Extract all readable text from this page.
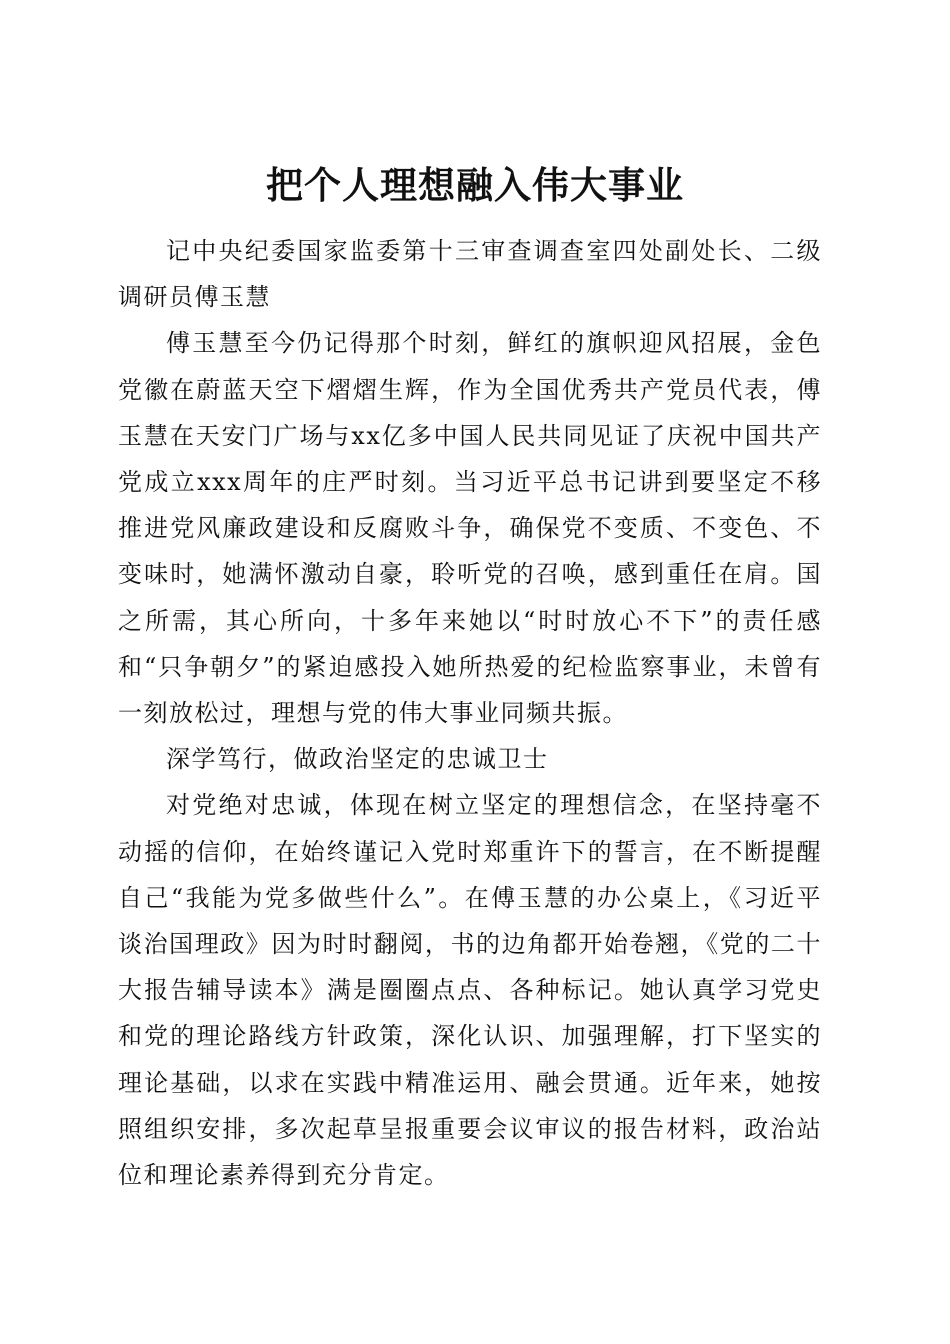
把个人理想融入伟大事业

记中央纪委国家监委第十三审查调查室四处副处长、二级调研员傅玉慧

傅玉慧至今仍记得那个时刻，鲜红的旗帜迎风招展，金色党徽在蔚蓝天空下熠熠生辉，作为全国优秀共产党员代表，傅玉慧在天安门广场与xx亿多中国人民共同见证了庆祝中国共产党成立xxx周年的庄严时刻。当习近平总书记讲到要坚定不移推进党风廉政建设和反腐败斗争，确保党不变质、不变色、不变味时，她满怀激动自豪，聆听党的召唤，感到重任在肩。国之所需，其心所向，十多年来她以“时时放心不下”的责任感和“只争朝夕”的紧迫感投入她所热爱的纪检监察事业，未曾有一刻放松过，理想与党的伟大事业同频共振。

深学笃行，做政治坚定的忠诚卫士

对党绝对忠诚，体现在树立坚定的理想信念，在坚持毫不动摇的信仰，在始终谨记入党时郑重许下的誓言，在不断提醒自己“我能为党多做些什么”。在傅玉慧的办公桌上，《习近平谈治国理政》因为时时翻阅，书的边角都开始卷翘，《党的二十大报告辅导读本》满是圈圈点点、各种标记。她认真学习党史和党的理论路线方针政策，深化认识、加强理解，打下坚实的理论基础，以求在实践中精准运用、融会贯通。近年来，她按照组织安排，多次起草呈报重要会议审议的报告材料，政治站位和理论素养得到充分肯定。
